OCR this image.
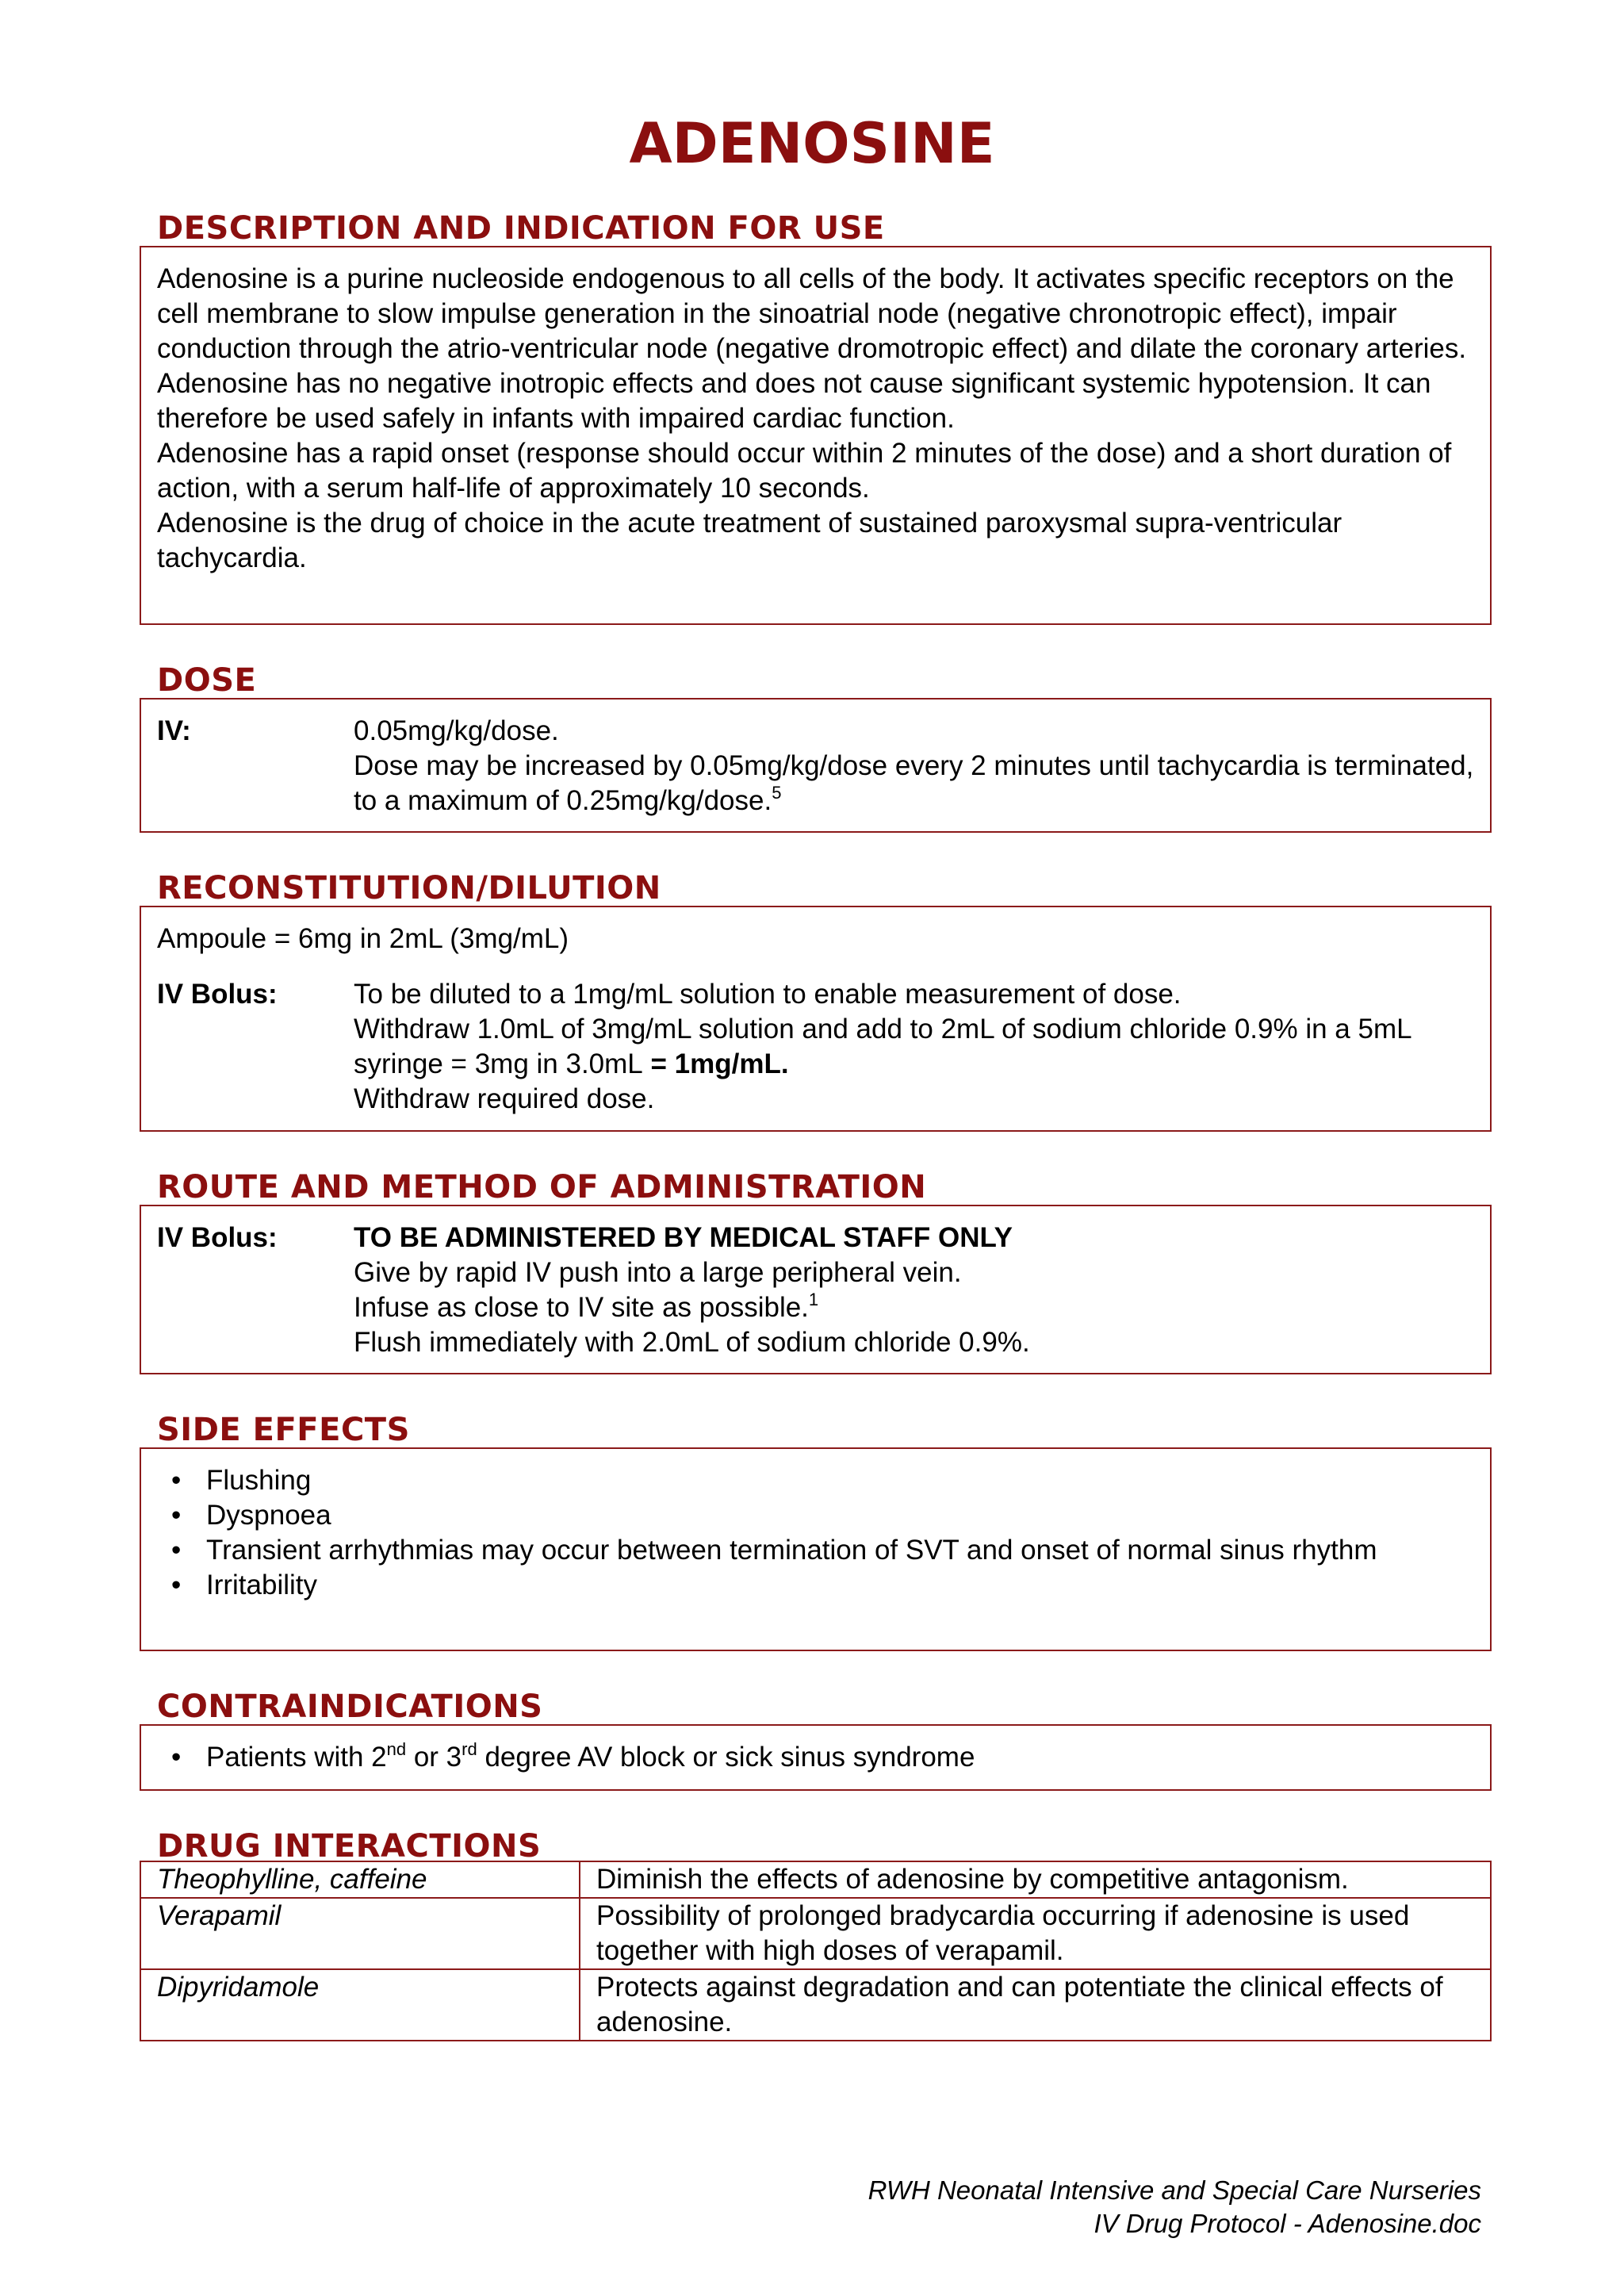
ADENOSINE
DESCRIPTION AND INDICATION FOR USE

Adenosine is a purine nucleoside endogenous to all cells of the body. It activates specific receptors on the cell membrane to slow impulse generation in the sinoatrial node (negative chronotropic effect), impair conduction through the atrio-ventricular node (negative dromotropic effect) and dilate the coronary arteries. Adenosine has no negative inotropic effects and does not cause significant systemic hypotension. It can therefore be used safely in infants with impaired cardiac function.

Adenosine has a rapid onset (response should occur within 2 minutes of the dose) and a short duration of action, with a serum half-life of approximately 10 seconds.

Adenosine is the drug of choice in the acute treatment of sustained paroxysmal supra-ventricular tachycardia.

DOSE
IV:	0.05mg/kg/dose.
Dose may be increased by 0.05mg/kg/dose every 2 minutes until tachycardia is terminated, to a maximum of 0.25mg/kg/dose.$^5$
RECONSTITUTION/DILUTION
Ampoule = 6mg in 2mL (3mg/mL)
IV Bolus:	To be diluted to a 1mg/mL solution to enable measurement of dose.
Withdraw 1.0mL of 3mg/mL solution and add to 2mL of sodium chloride 0.9% in a 5mL syringe = 3mg in 3.0mL = 1mg/mL.
Withdraw required dose.
ROUTE AND METHOD OF ADMINISTRATION
IV Bolus:	TO BE ADMINISTERED BY MEDICAL STAFF ONLY
Give by rapid IV push into a large peripheral vein.
Infuse as close to IV site as possible.$^1$
Flush immediately with 2.0mL of sodium chloride 0.9%.
SIDE EFFECTS
• Flushing
• Dyspnoea
• Transient arrhythmias may occur between termination of SVT and onset of normal sinus rhythm
• Irritability
CONTRAINDICATIONS
• Patients with 2nd or 3rd degree AV block or sick sinus syndrome
DRUG INTERACTIONS
Theophylline, caffeine	Diminish the effects of adenosine by competitive antagonism.
Verapamil	Possibility of prolonged bradycardia occurring if adenosine is used together with high doses of verapamil.
Dipyridamole	Protects against degradation and can potentiate the clinical effects of adenosine.
RWH Neonatal Intensive and Special Care Nurseries
IV Drug Protocol - Adenosine.doc
